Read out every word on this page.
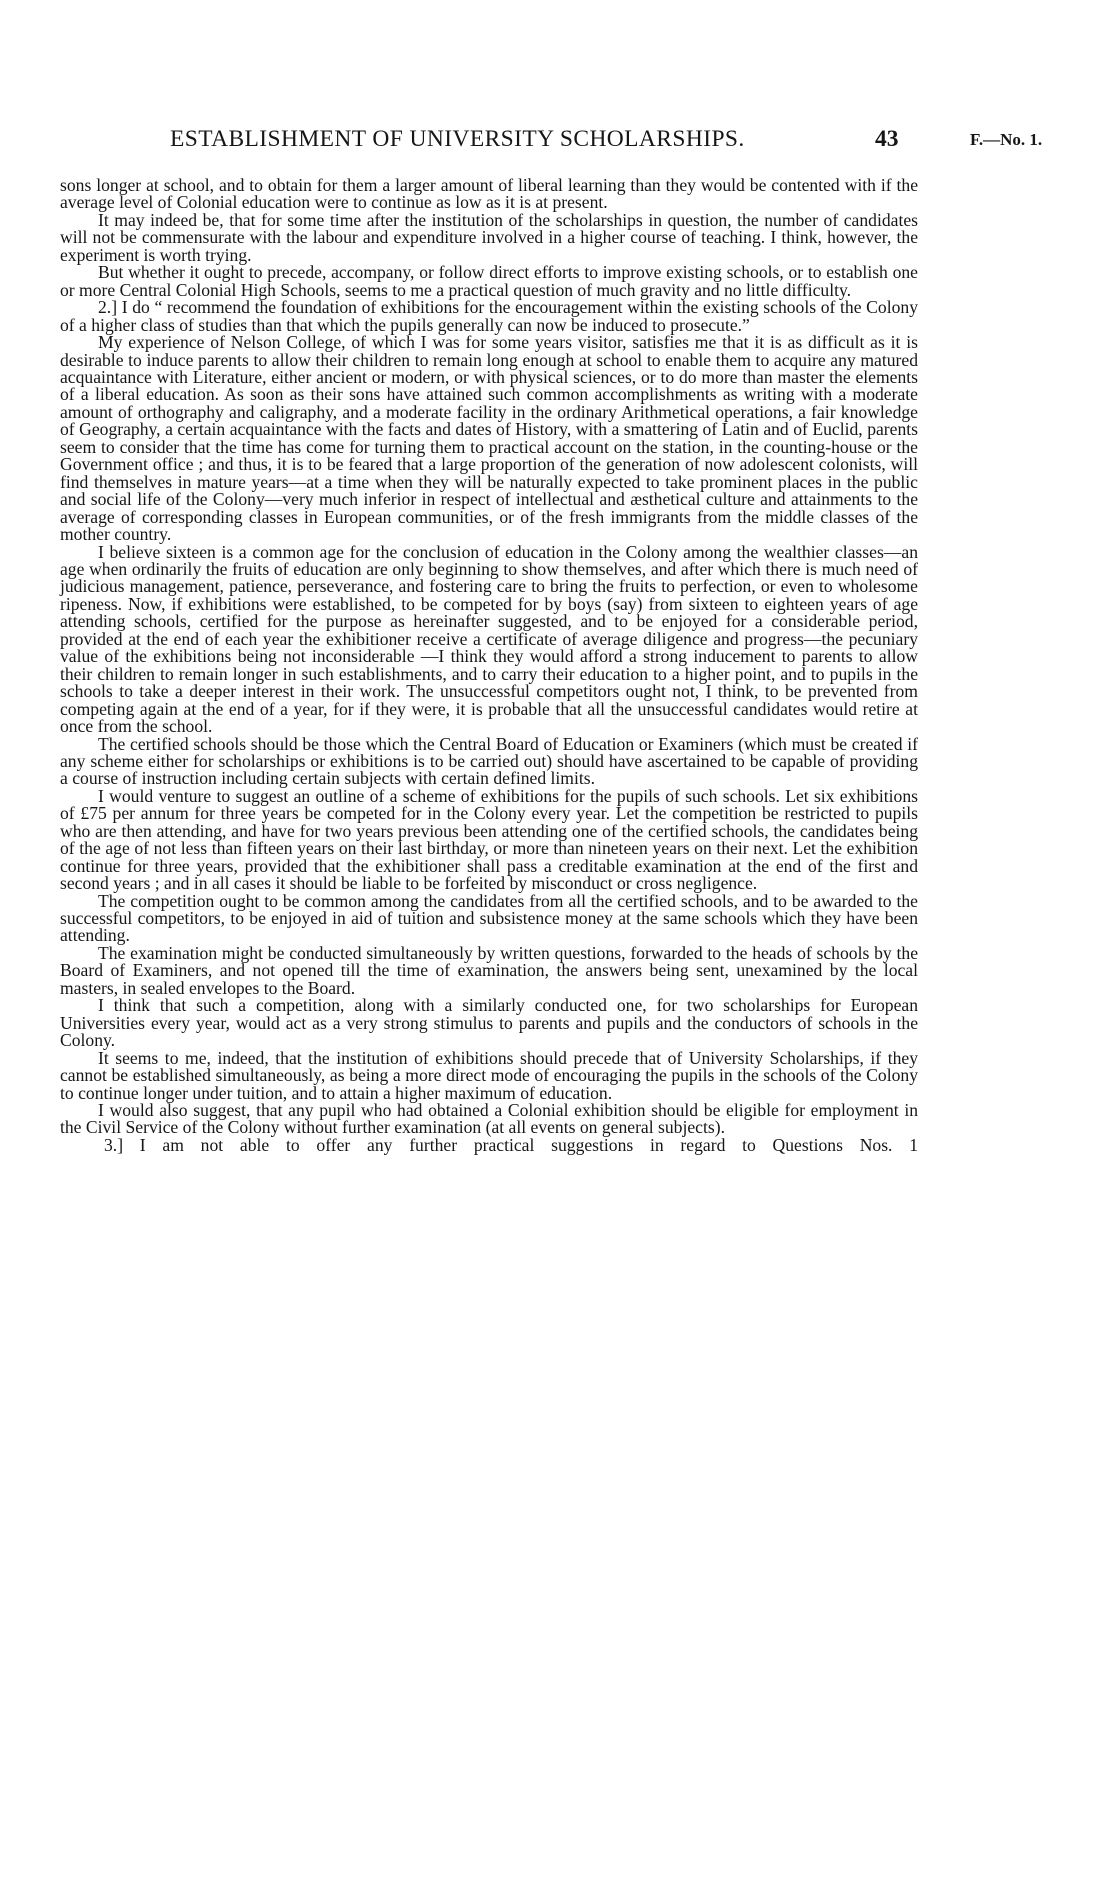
ESTABLISHMENT OF UNIVERSITY SCHOLARSHIPS.	43	F.—No. 1.

sons longer at school, and to obtain for them a larger amount of liberal learning than they would be contented with if the average level of Colonial education were to continue as low as it is at present.

It may indeed be, that for some time after the institution of the scholarships in question, the number of candidates will not be commensurate with the labour and expenditure involved in a higher course of teaching. I think, however, the experiment is worth trying.

But whether it ought to precede, accompany, or follow direct efforts to improve existing schools, or to establish one or more Central Colonial High Schools, seems to me a practical question of much gravity and no little difficulty.

2.] I do “ recommend the foundation of exhibitions for the encouragement within the existing schools of the Colony of a higher class of studies than that which the pupils generally can now be induced to prosecute.”

My experience of Nelson College, of which I was for some years visitor, satisfies me that it is as difficult as it is desirable to induce parents to allow their children to remain long enough at school to enable them to acquire any matured acquaintance with Literature, either ancient or modern, or with physical sciences, or to do more than master the elements of a liberal education. As soon as their sons have attained such common accomplishments as writing with a moderate amount of orthography and caligraphy, and a moderate facility in the ordinary Arithmetical operations, a fair knowledge of Geography, a certain acquaintance with the facts and dates of History, with a smattering of Latin and of Euclid, parents seem to consider that the time has come for turning them to practical account on the station, in the counting-house or the Government office ; and thus, it is to be feared that a large proportion of the generation of now adolescent colonists, will find themselves in mature years—at a time when they will be naturally expected to take prominent places in the public and social life of the Colony—very much inferior in respect of intellectual and æsthetical culture and attainments to the average of corresponding classes in European communities, or of the fresh immigrants from the middle classes of the mother country.

I believe sixteen is a common age for the conclusion of education in the Colony among the wealthier classes—an age when ordinarily the fruits of education are only beginning to show themselves, and after which there is much need of judicious management, patience, perseverance, and fostering care to bring the fruits to perfection, or even to wholesome ripeness. Now, if exhibitions were established, to be competed for by boys (say) from sixteen to eighteen years of age attending schools, certified for the purpose as hereinafter suggested, and to be enjoyed for a considerable period, provided at the end of each year the exhibitioner receive a certificate of average diligence and progress—the pecuniary value of the exhibitions being not inconsiderable —I think they would afford a strong inducement to parents to allow their children to remain longer in such establishments, and to carry their education to a higher point, and to pupils in the schools to take a deeper interest in their work. The unsuccessful competitors ought not, I think, to be prevented from competing again at the end of a year, for if they were, it is probable that all the unsuccessful candidates would retire at once from the school.

The certified schools should be those which the Central Board of Education or Examiners (which must be created if any scheme either for scholarships or exhibitions is to be carried out) should have ascertained to be capable of providing a course of instruction including certain subjects with certain defined limits.

I would venture to suggest an outline of a scheme of exhibitions for the pupils of such schools. Let six exhibitions of £75 per annum for three years be competed for in the Colony every year. Let the competition be restricted to pupils who are then attending, and have for two years previous been attending one of the certified schools, the candidates being of the age of not less than fifteen years on their last birthday, or more than nineteen years on their next. Let the exhibition continue for three years, provided that the exhibitioner shall pass a creditable examination at the end of the first and second years ; and in all cases it should be liable to be forfeited by misconduct or cross negligence.

The competition ought to be common among the candidates from all the certified schools, and to be awarded to the successful competitors, to be enjoyed in aid of tuition and subsistence money at the same schools which they have been attending.

The examination might be conducted simultaneously by written questions, forwarded to the heads of schools by the Board of Examiners, and not opened till the time of examination, the answers being sent, unexamined by the local masters, in sealed envelopes to the Board.

I think that such a competition, along with a similarly conducted one, for two scholarships for European Universities every year, would act as a very strong stimulus to parents and pupils and the conductors of schools in the Colony.

It seems to me, indeed, that the institution of exhibitions should precede that of University Scholarships, if they cannot be established simultaneously, as being a more direct mode of encouraging the pupils in the schools of the Colony to continue longer under tuition, and to attain a higher maximum of education.

I would also suggest, that any pupil who had obtained a Colonial exhibition should be eligible for employment in the Civil Service of the Colony without further examination (at all events on general subjects).

3.] I am not able to offer any further practical suggestions in regard to Questions Nos. 1
